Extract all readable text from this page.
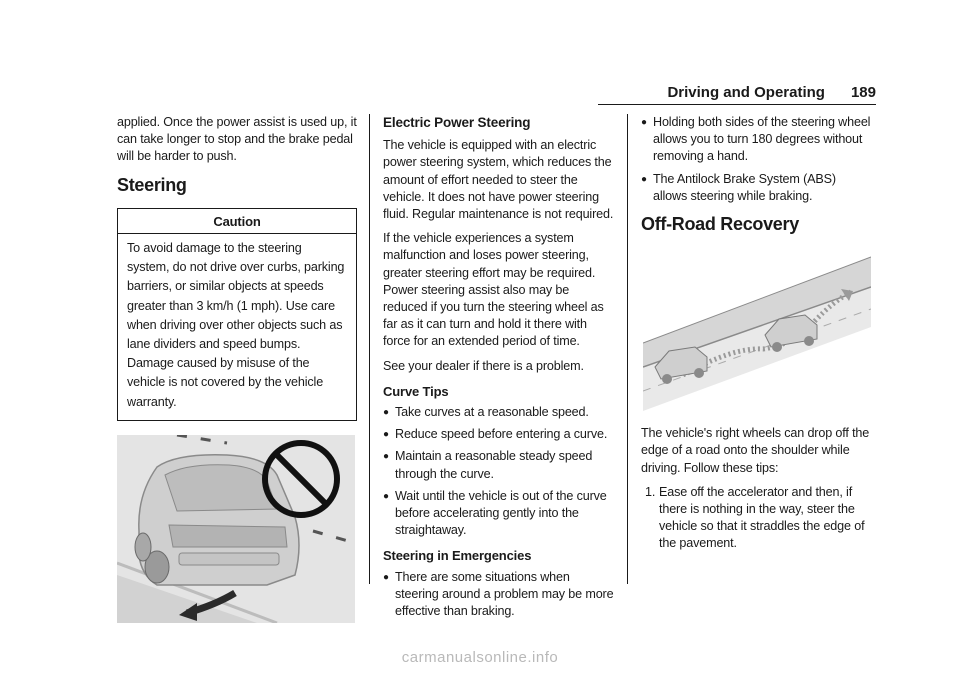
Driving and Operating 189

applied. Once the power assist is used up, it can take longer to stop and the brake pedal will be harder to push.

Steering
Caution
To avoid damage to the steering system, do not drive over curbs, parking barriers, or similar objects at speeds greater than 3 km/h (1 mph). Use care when driving over other objects such as lane dividers and speed bumps. Damage caused by misuse of the vehicle is not covered by the vehicle warranty.
Electric Power Steering

The vehicle is equipped with an electric power steering system, which reduces the amount of effort needed to steer the vehicle. It does not have power steering fluid. Regular maintenance is not required.

If the vehicle experiences a system malfunction and loses power steering, greater steering effort may be required. Power steering assist also may be reduced if you turn the steering wheel as far as it can turn and hold it there with force for an extended period of time.

See your dealer if there is a problem.

Curve Tips
● Take curves at a reasonable speed.
● Reduce speed before entering a curve.
● Maintain a reasonable steady speed through the curve.
● Wait until the vehicle is out of the curve before accelerating gently into the straightaway.
Steering in Emergencies
● There are some situations when steering around a problem may be more effective than braking.
● Holding both sides of the steering wheel allows you to turn 180 degrees without removing a hand.
● The Antilock Brake System (ABS) allows steering while braking.
Off-Road Recovery

The vehicle's right wheels can drop off the edge of a road onto the shoulder while driving. Follow these tips:

1. Ease off the accelerator and then, if there is nothing in the way, steer the vehicle so that it straddles the edge of the pavement.
carmanualsonline.info
